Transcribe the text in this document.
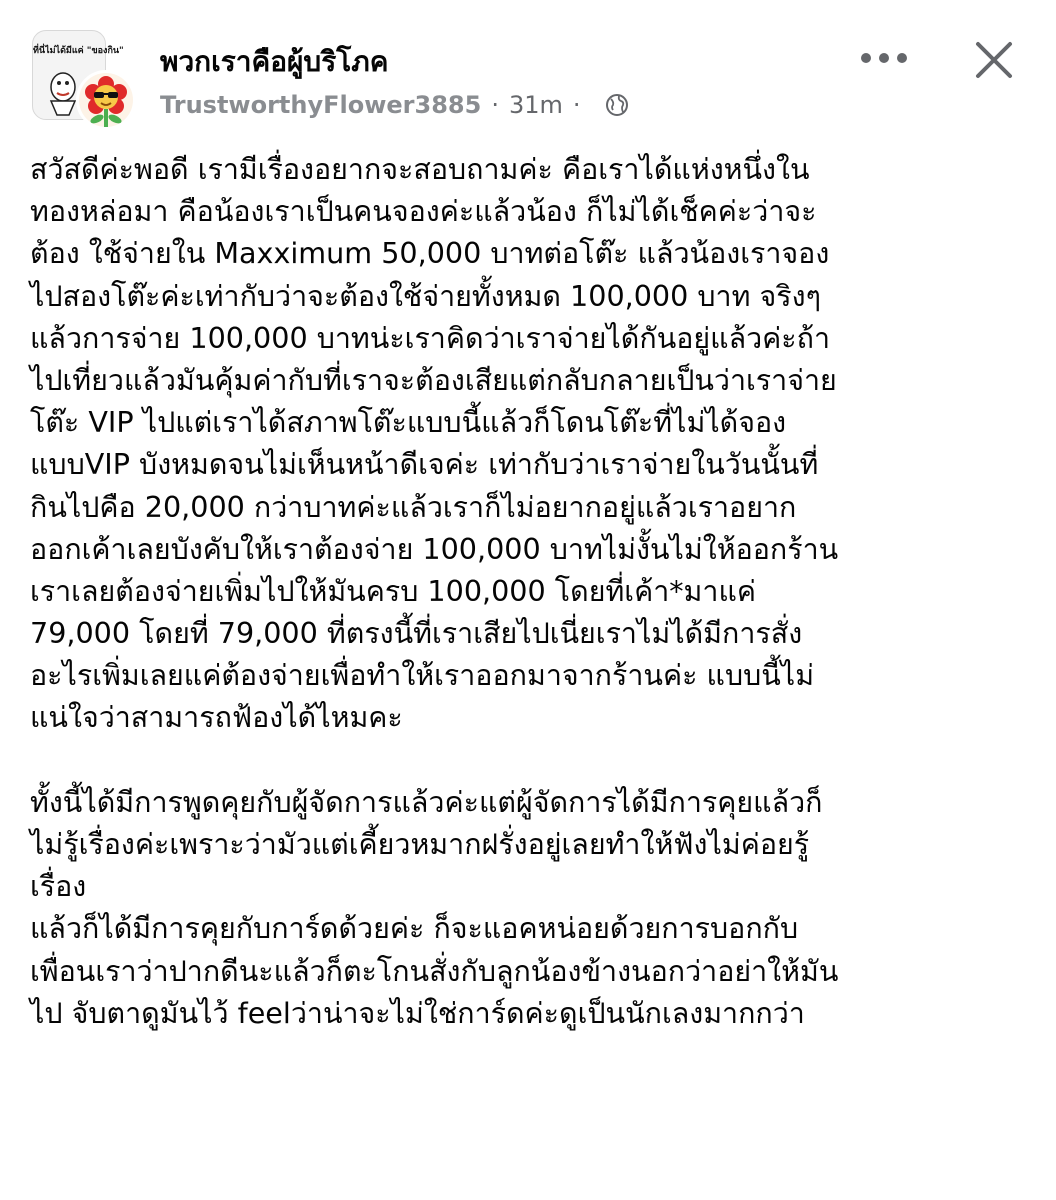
ที่นี่ไม่ได้มีแค่ "ของกิน" พวกเราคือผู้บริโภค
TrustworthyFlower3885 · 31m ·
สวัสดีค่ะพอดี เรามีเรื่องอยากจะสอบถามค่ะ คือเราได้แห่งหนึ่งใน
ทองหล่อมา คือน้องเราเป็นคนจองค่ะแล้วน้อง ก็ไม่ได้เช็คค่ะว่าจะ
ต้อง ใช้จ่ายใน Maxximum 50,000 บาทต่อโต๊ะ แล้วน้องเราจอง
ไปสองโต๊ะค่ะเท่ากับว่าจะต้องใช้จ่ายทั้งหมด 100,000 บาท จริงๆ
แล้วการจ่าย 100,000 บาทน่ะเราคิดว่าเราจ่ายได้กันอยู่แล้วค่ะถ้า
ไปเที่ยวแล้วมันคุ้มค่ากับที่เราจะต้องเสียแต่กลับกลายเป็นว่าเราจ่าย
โต๊ะ VIP ไปแต่เราได้สภาพโต๊ะแบบนี้แล้วก็โดนโต๊ะที่ไม่ได้จอง
แบบVIP บังหมดจนไม่เห็นหน้าดีเจค่ะ เท่ากับว่าเราจ่ายในวันนั้นที่
กินไปคือ 20,000 กว่าบาทค่ะแล้วเราก็ไม่อยากอยู่แล้วเราอยาก
ออกเค้าเลยบังคับให้เราต้องจ่าย 100,000 บาทไม่งั้นไม่ให้ออกร้าน
เราเลยต้องจ่ายเพิ่มไปให้มันครบ 100,000 โดยที่เค้า*มาแค่
79,000 โดยที่ 79,000 ที่ตรงนี้ที่เราเสียไปเนี่ยเราไม่ได้มีการสั่ง
อะไรเพิ่มเลยแค่ต้องจ่ายเพื่อทำให้เราออกมาจากร้านค่ะ แบบนี้ไม่
แน่ใจว่าสามารถฟ้องได้ไหมคะ
ทั้งนี้ได้มีการพูดคุยกับผู้จัดการแล้วค่ะแต่ผู้จัดการได้มีการคุยแล้วก็
ไม่รู้เรื่องค่ะเพราะว่ามัวแต่เคี้ยวหมากฝรั่งอยู่เลยทำให้ฟังไม่ค่อยรู้
เรื่อง
แล้วก็ได้มีการคุยกับการ์ดด้วยค่ะ ก็จะแอคหน่อยด้วยการบอกกับ
เพื่อนเราว่าปากดีนะแล้วก็ตะโกนสั่งกับลูกน้องข้างนอกว่าอย่าให้มัน
ไป จับตาดูมันไว้ feelว่าน่าจะไม่ใช่การ์ดค่ะดูเป็นนักเลงมากกว่า
